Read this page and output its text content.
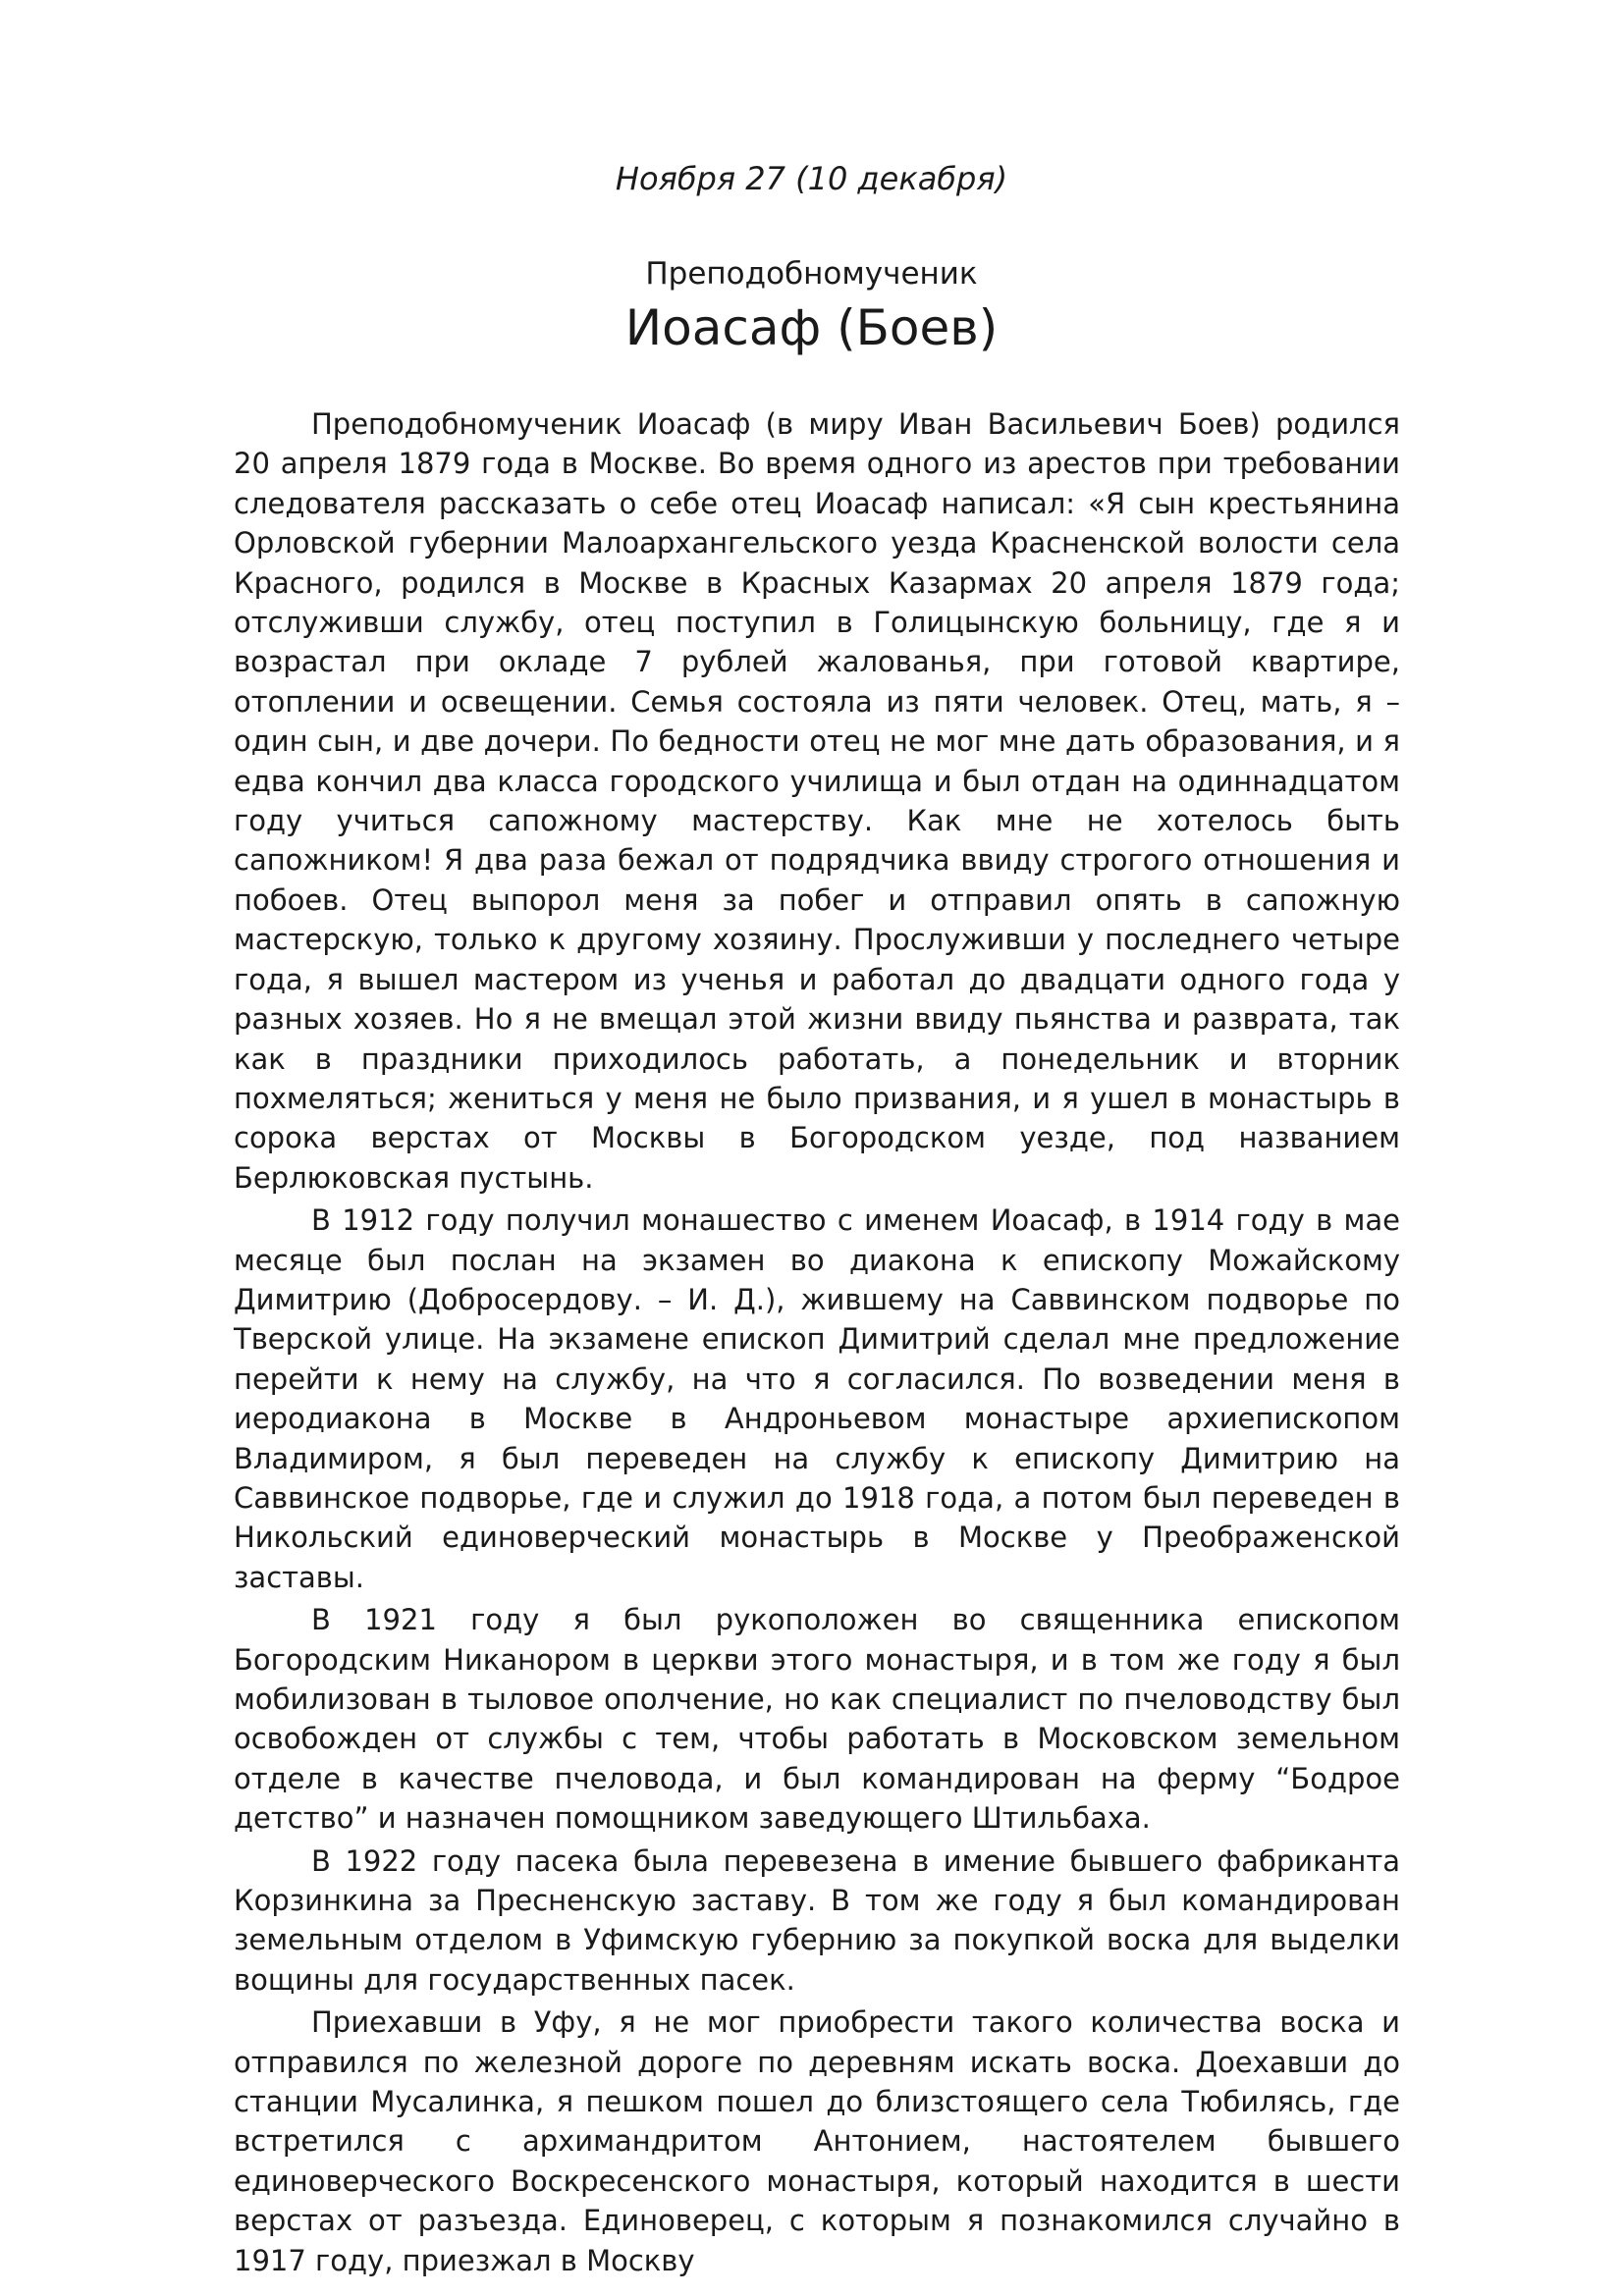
Ноября 27 (10 декабря)
Преподобномученик
Иоасаф (Боев)

Преподобномученик Иоасаф (в миру Иван Васильевич Боев) родился 20 апреля 1879 года в Москве. Во время одного из арестов при требовании следователя рассказать о себе отец Иоасаф написал: «Я сын крестьянина Орловской губернии Малоархангельского уезда Красненской волости села Красного, родился в Москве в Красных Казармах 20 апреля 1879 года; отслуживши службу, отец поступил в Голицынскую больницу, где я и возрастал при окладе 7 рублей жалованья, при готовой квартире, отоплении и освещении. Семья состояла из пяти человек. Отец, мать, я – один сын, и две дочери. По бедности отец не мог мне дать образования, и я едва кончил два класса городского училища и был отдан на одиннадцатом году учиться сапожному мастерству. Как мне не хотелось быть сапожником! Я два раза бежал от подрядчика ввиду строгого отношения и побоев. Отец выпорол меня за побег и отправил опять в сапожную мастерскую, только к другому хозяину. Прослуживши у последнего четыре года, я вышел мастером из ученья и работал до двадцати одного года у разных хозяев. Но я не вмещал этой жизни ввиду пьянства и разврата, так как в праздники приходилось работать, а понедельник и вторник похмеляться; жениться у меня не было призвания, и я ушел в монастырь в сорока верстах от Москвы в Богородском уезде, под названием Берлюковская пустынь.

В 1912 году получил монашество с именем Иоасаф, в 1914 году в мае месяце был послан на экзамен во диакона к епископу Можайскому Димитрию (Добросердову. – И. Д.), жившему на Саввинском подворье по Тверской улице. На экзамене епископ Димитрий сделал мне предложение перейти к нему на службу, на что я согласился. По возведении меня в иеродиакона в Москве в Андроньевом монастыре архиепископом Владимиром, я был переведен на службу к епископу Димитрию на Саввинское подворье, где и служил до 1918 года, а потом был переведен в Никольский единоверческий монастырь в Москве у Преображенской заставы.

В 1921 году я был рукоположен во священника епископом Богородским Никанором в церкви этого монастыря, и в том же году я был мобилизован в тыловое ополчение, но как специалист по пчеловодству был освобожден от службы с тем, чтобы работать в Московском земельном отделе в качестве пчеловода, и был командирован на ферму “Бодрое детство” и назначен помощником заведующего Штильбаха.

В 1922 году пасека была перевезена в имение бывшего фабриканта Корзинкина за Пресненскую заставу. В том же году я был командирован земельным отделом в Уфимскую губернию за покупкой воска для выделки вощины для государственных пасек.

Приехавши в Уфу, я не мог приобрести такого количества воска и отправился по железной дороге по деревням искать воска. Доехавши до станции Мусалинка, я пешком пошел до близстоящего села Тюбилясь, где встретился с архимандритом Антонием, настоятелем бывшего единоверческого Воскресенского монастыря, который находится в шести верстах от разъезда. Единоверец, с которым я познакомился случайно в 1917 году, приезжал в Москву
